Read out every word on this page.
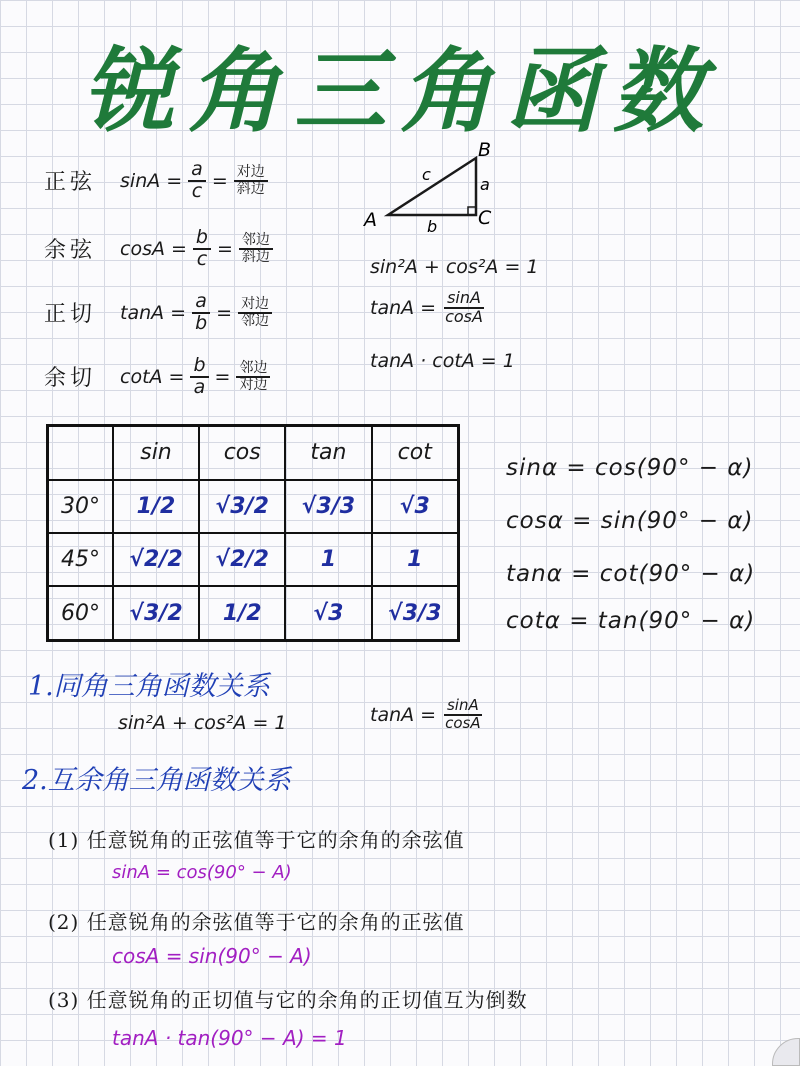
锐角三角函数
正弦 $\sin A = \frac{a}{c} = \frac{\text{对边}}{\text{斜边}}$
余弦 $\cos A = \frac{b}{c} = \frac{\text{邻边}}{\text{斜边}}$
正切 $\tan A = \frac{a}{b} = \frac{\text{对边}}{\text{邻边}}$
余切 $\cot A = \frac{b}{a} = \frac{\text{邻边}}{\text{对边}}$
A
B
C
a
b
c
sin²A + cos²A = 1
$\tan A = \frac{\sin A}{\cos A}$
tanA · cotA = 1
	sin	cos	tan	cot
30°	1/2	√3/2	√3/3	√3
45°	√2/2	√2/2	1	1
60°	√3/2	1/2	√3	√3/3
sinα = cos(90° − α)
cosα = sin(90° − α)
tanα = cot(90° − α)
cotα = tan(90° − α)
1.同角三角函数关系
sin²A + cos²A = 1	$\tan A = \frac{\sin A}{\cos A}$
2.互余角三角函数关系
(1) 任意锐角的正弦值等于它的余角的余弦值
sinA = cos(90° − A)
(2) 任意锐角的余弦值等于它的余角的正弦值
cosA = sin(90° − A)
(3) 任意锐角的正切值与它的余角的正切值互为倒数
tanA · tan(90° − A) = 1
